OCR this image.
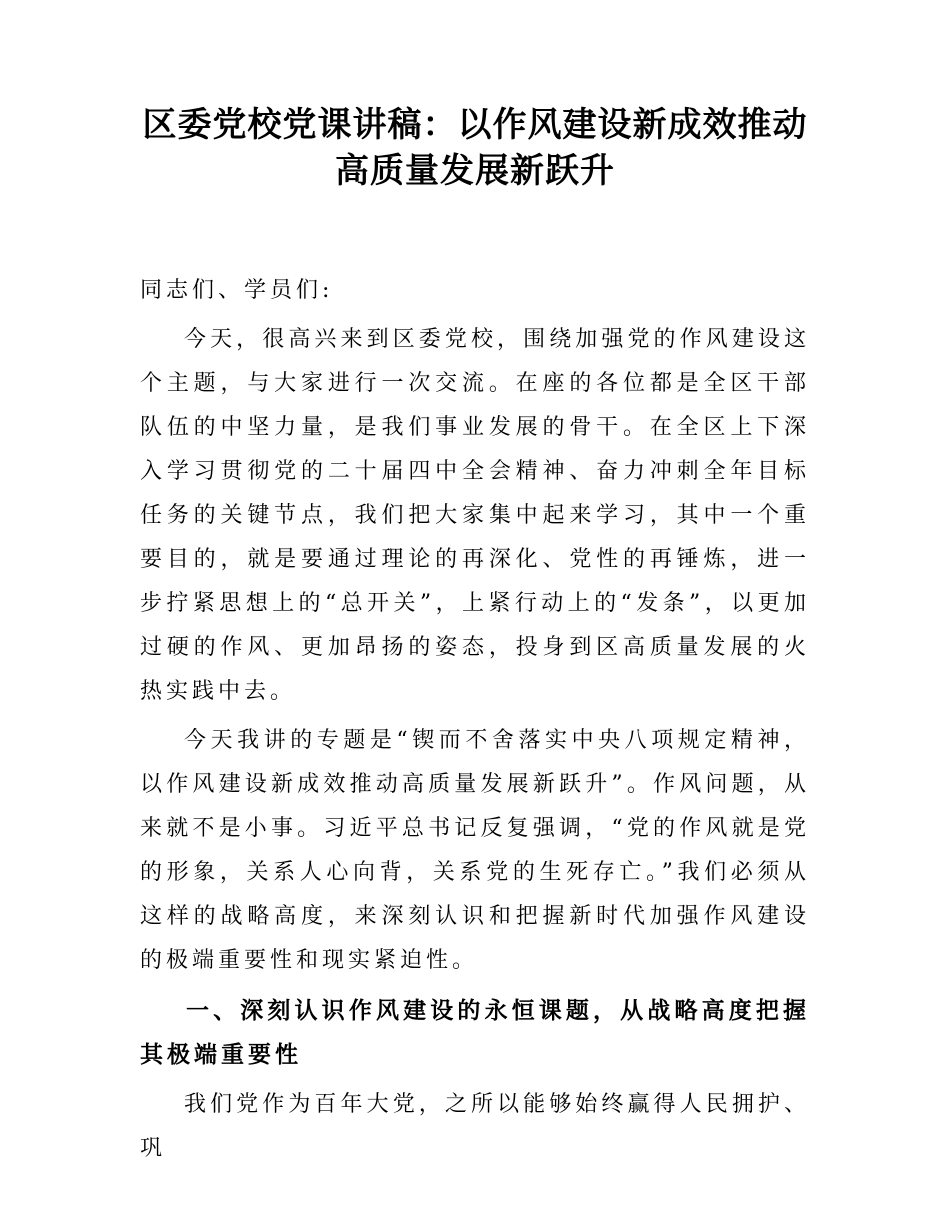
区委党校党课讲稿：以作风建设新成效推动高质量发展新跃升

同志们、学员们:

今天，很高兴来到区委党校，围绕加强党的作风建设这个主题，与大家进行一次交流。在座的各位都是全区干部队伍的中坚力量，是我们事业发展的骨干。在全区上下深入学习贯彻党的二十届四中全会精神、奋力冲刺全年目标任务的关键节点，我们把大家集中起来学习，其中一个重要目的，就是要通过理论的再深化、党性的再锤炼，进一步拧紧思想上的“总开关”，上紧行动上的“发条”，以更加过硬的作风、更加昂扬的姿态，投身到区高质量发展的火热实践中去。

今天我讲的专题是“锲而不舍落实中央八项规定精神，以作风建设新成效推动高质量发展新跃升”。作风问题，从来就不是小事。习近平总书记反复强调，“党的作风就是党的形象，关系人心向背，关系党的生死存亡。”我们必须从这样的战略高度，来深刻认识和把握新时代加强作风建设的极端重要性和现实紧迫性。

一、深刻认识作风建设的永恒课题，从战略高度把握其极端重要性

我们党作为百年大党，之所以能够始终赢得人民拥护、巩
